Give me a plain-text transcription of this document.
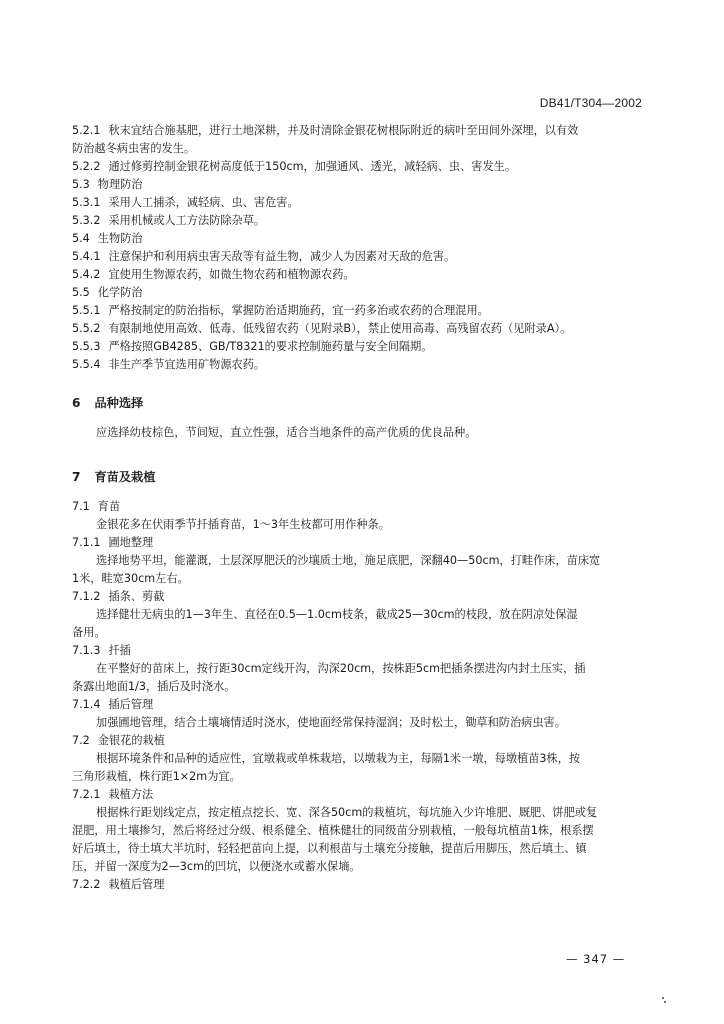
DB41/T304—2002
5.2.1 秋末宜结合施基肥，进行土地深耕，并及时清除金银花树根际附近的病叶至田间外深埋，以有效
防治越冬病虫害的发生。
5.2.2 通过修剪控制金银花树高度低于150cm，加强通风、透光，减轻病、虫、害发生。
5.3 物理防治
5.3.1 采用人工捕杀，减轻病、虫、害危害。
5.3.2 采用机械或人工方法防除杂草。
5.4 生物防治
5.4.1 注意保护和利用病虫害天敌等有益生物，减少人为因素对天敌的危害。
5.4.2 宜使用生物源农药，如微生物农药和植物源农药。
5.5 化学防治
5.5.1 严格按制定的防治指标，掌握防治适期施药，宜一药多治或农药的合理混用。
5.5.2 有限制地使用高效、低毒、低残留农药（见附录B），禁止使用高毒、高残留农药（见附录A）。
5.5.3 严格按照GB4285、GB/T8321的要求控制施药量与安全间隔期。
5.5.4 非生产季节宜选用矿物源农药。
6 品种选择
应选择幼枝棕色，节间短，直立性强，适合当地条件的高产优质的优良品种。
7 育苗及栽植
7.1 育苗
金银花多在伏雨季节扦插育苗，1～3年生枝都可用作种条。
7.1.1 圃地整理
选择地势平坦，能灌溉，土层深厚肥沃的沙壤质土地，施足底肥，深翻40—50cm，打畦作床，苗床宽
1米，畦宽30cm左右。
7.1.2 插条、剪截
选择健壮无病虫的1—3年生、直径在0.5—1.0cm枝条，截成25—30cm的枝段，放在阴凉处保湿
备用。
7.1.3 扦插
在平整好的苗床上，按行距30cm定线开沟，沟深20cm，按株距5cm把插条摆进沟内封土压实，插
条露出地面1/3，插后及时浇水。
7.1.4 插后管理
加强圃地管理，结合土壤墒情适时浇水，使地面经常保持湿润；及时松土，锄草和防治病虫害。
7.2 金银花的栽植
根据环境条件和品种的适应性，宜墩栽或单株栽培，以墩栽为主，每隔1米一墩，每墩植苗3株，按
三角形栽植，株行距1×2m为宜。
7.2.1 栽植方法
根据株行距划线定点，按定植点挖长、宽、深各50cm的栽植坑，每坑施入少许堆肥、厩肥、饼肥或复
混肥，用土壤掺匀，然后将经过分级、根系健全、植株健壮的同级苗分别栽植，一般每坑植苗1株，根系摆
好后填土，待土填大半坑时，轻轻把苗向上提，以利根苗与土壤充分接触，提苗后用脚压，然后填土、镇
压，并留一深度为2—3cm的凹坑，以便浇水或蓄水保墒。
7.2.2 栽植后管理
— 347 —
